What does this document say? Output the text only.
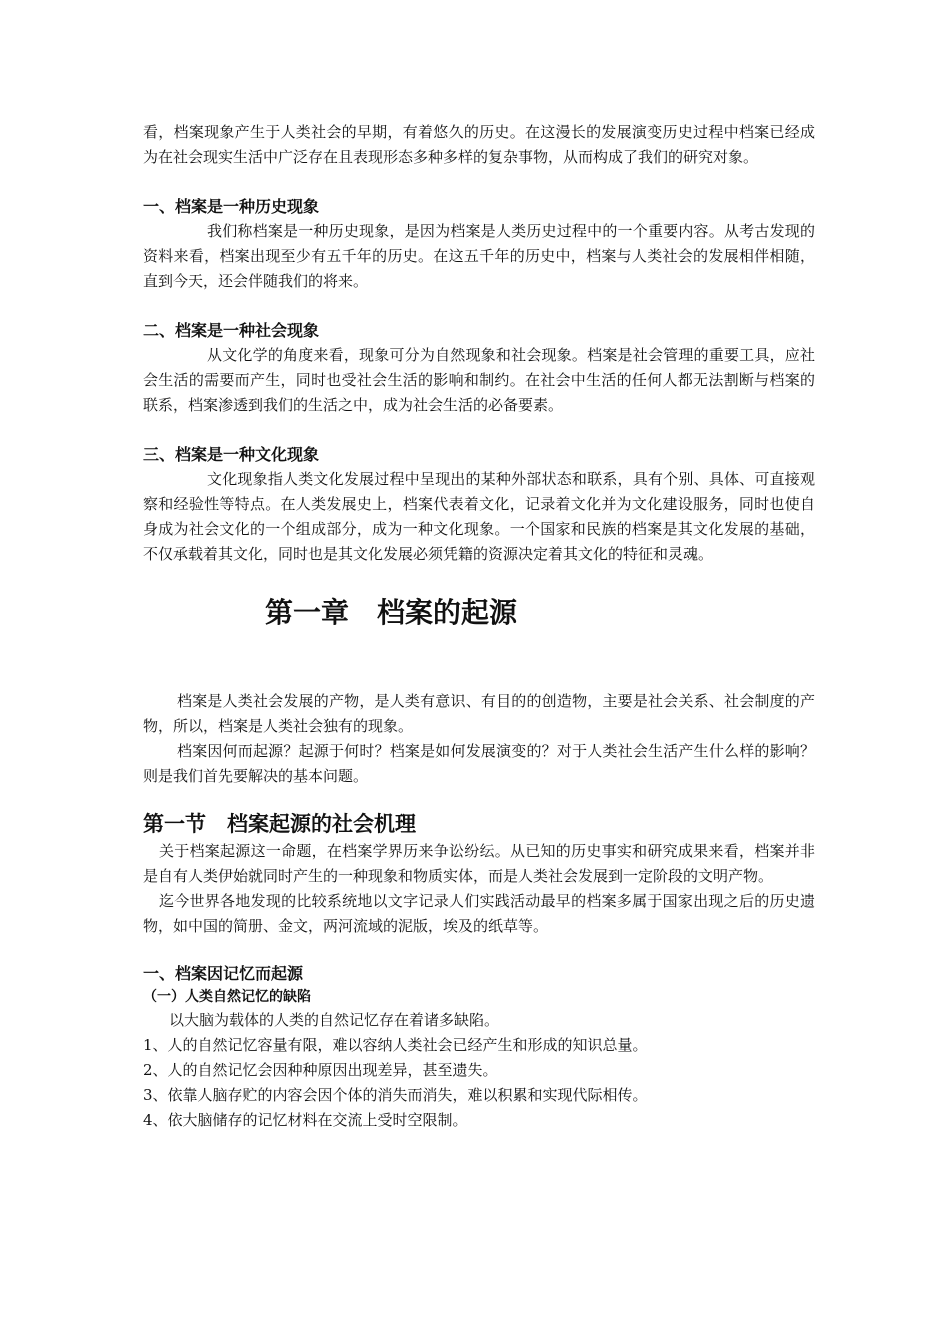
看，档案现象产生于人类社会的早期，有着悠久的历史。在这漫长的发展演变历史过程中档案已经成为在社会现实生活中广泛存在且表现形态多种多样的复杂事物，从而构成了我们的研究对象。

一、档案是一种历史现象

我们称档案是一种历史现象，是因为档案是人类历史过程中的一个重要内容。从考古发现的资料来看，档案出现至少有五千年的历史。在这五千年的历史中，档案与人类社会的发展相伴相随，直到今天，还会伴随我们的将来。

二、档案是一种社会现象

从文化学的角度来看，现象可分为自然现象和社会现象。档案是社会管理的重要工具，应社会生活的需要而产生，同时也受社会生活的影响和制约。在社会中生活的任何人都无法割断与档案的联系，档案渗透到我们的生活之中，成为社会生活的必备要素。

三、档案是一种文化现象

文化现象指人类文化发展过程中呈现出的某种外部状态和联系，具有个别、具体、可直接观察和经验性等特点。在人类发展史上，档案代表着文化，记录着文化并为文化建设服务，同时也使自身成为社会文化的一个组成部分，成为一种文化现象。一个国家和民族的档案是其文化发展的基础，不仅承载着其文化，同时也是其文化发展必须凭籍的资源决定着其文化的特征和灵魂。

第一章　档案的起源

档案是人类社会发展的产物，是人类有意识、有目的的创造物，主要是社会关系、社会制度的产物，所以，档案是人类社会独有的现象。

档案因何而起源？起源于何时？档案是如何发展演变的？对于人类社会生活产生什么样的影响？则是我们首先要解决的基本问题。

第一节　档案起源的社会机理

关于档案起源这一命题，在档案学界历来争讼纷纭。从已知的历史事实和研究成果来看，档案并非是自有人类伊始就同时产生的一种现象和物质实体，而是人类社会发展到一定阶段的文明产物。

迄今世界各地发现的比较系统地以文字记录人们实践活动最早的档案多属于国家出现之后的历史遗物，如中国的简册、金文，两河流域的泥版，埃及的纸草等。

一、档案因记忆而起源

（一）人类自然记忆的缺陷

以大脑为载体的人类的自然记忆存在着诸多缺陷。

1、人的自然记忆容量有限，难以容纳人类社会已经产生和形成的知识总量。

2、人的自然记忆会因种种原因出现差异，甚至遗失。

3、依靠人脑存贮的内容会因个体的消失而消失，难以积累和实现代际相传。

4、依大脑储存的记忆材料在交流上受时空限制。
